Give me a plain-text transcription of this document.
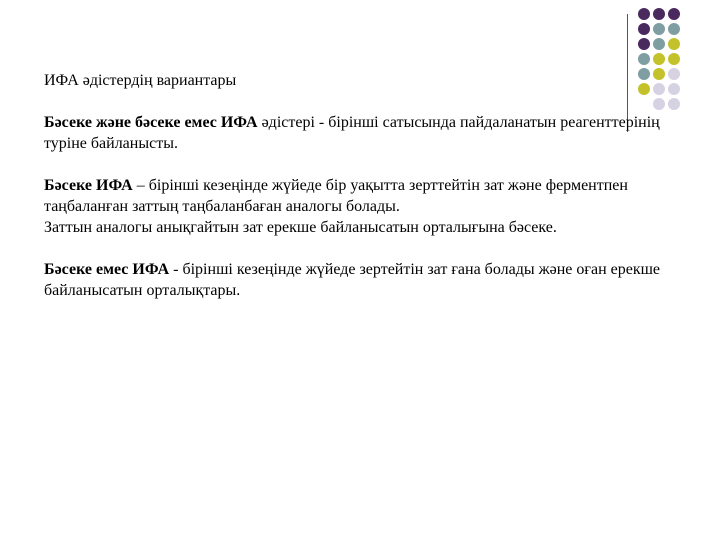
ИФА әдістердің вариантары

Бәсеке және бәсеке емес ИФА әдістері - бірінші сатысында пайдаланатын реагенттерінің туріне байланысты.

Бәсеке ИФА – бірінші кезеңінде жүйеде бір уақытта зерттейтін зат және ферментпен таңбаланған заттың таңбаланбаған аналогы болады.

Заттын аналогы анықгайтын зат ерекше байланысатын орталығына бәсеке.

Бәсеке емес ИФА - бірінші кезеңінде жүйеде зертейтін зат ғана болады және оған ерекше байланысатын орталықтары.
